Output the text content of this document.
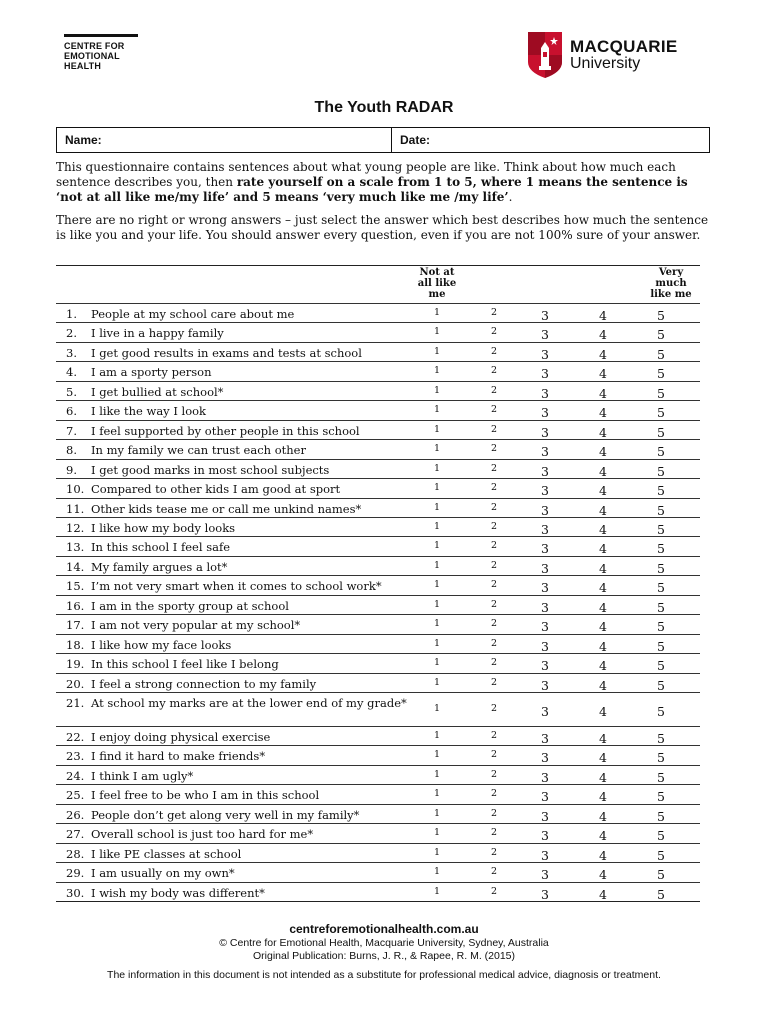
CENTRE FOR
EMOTIONAL
HEALTH
MACQUARIE
University
The Youth RADAR
Name:	Date:

This questionnaire contains sentences about what young people are like. Think about how much each sentence describes you, then rate yourself on a scale from 1 to 5, where 1 means the sentence is ‘not at all like me/my life’ and 5 means ‘very much like me /my life’.

There are no right or wrong answers – just select the answer which best describes how much the sentence is like you and your life. You should answer every question, even if you are not 100% sure of your answer.

Not at
all like
me
Very
much
like me
1. People at my school care about me	1	2	3	4	5
2. I live in a happy family	1	2	3	4	5
3. I get good results in exams and tests at school	1	2	3	4	5
4. I am a sporty person	1	2	3	4	5
5. I get bullied at school*	1	2	3	4	5
6. I like the way I look	1	2	3	4	5
7. I feel supported by other people in this school	1	2	3	4	5
8. In my family we can trust each other	1	2	3	4	5
9. I get good marks in most school subjects	1	2	3	4	5
10. Compared to other kids I am good at sport	1	2	3	4	5
11. Other kids tease me or call me unkind names*	1	2	3	4	5
12. I like how my body looks	1	2	3	4	5
13. In this school I feel safe	1	2	3	4	5
14. My family argues a lot*	1	2	3	4	5
15. I’m not very smart when it comes to school work*	1	2	3	4	5
16. I am in the sporty group at school	1	2	3	4	5
17. I am not very popular at my school*	1	2	3	4	5
18. I like how my face looks	1	2	3	4	5
19. In this school I feel like I belong	1	2	3	4	5
20. I feel a strong connection to my family	1	2	3	4	5
21. At school my marks are at the lower end of my grade*	1	2	3	4	5
22. I enjoy doing physical exercise	1	2	3	4	5
23. I find it hard to make friends*	1	2	3	4	5
24. I think I am ugly*	1	2	3	4	5
25. I feel free to be who I am in this school	1	2	3	4	5
26. People don’t get along very well in my family*	1	2	3	4	5
27. Overall school is just too hard for me*	1	2	3	4	5
28. I like PE classes at school	1	2	3	4	5
29. I am usually on my own*	1	2	3	4	5
30. I wish my body was different*	1	2	3	4	5
centreforemotionalhealth.com.au
© Centre for Emotional Health, Macquarie University, Sydney, Australia
Original Publication: Burns, J. R., & Rapee, R. M. (2015)
The information in this document is not intended as a substitute for professional medical advice, diagnosis or treatment.
